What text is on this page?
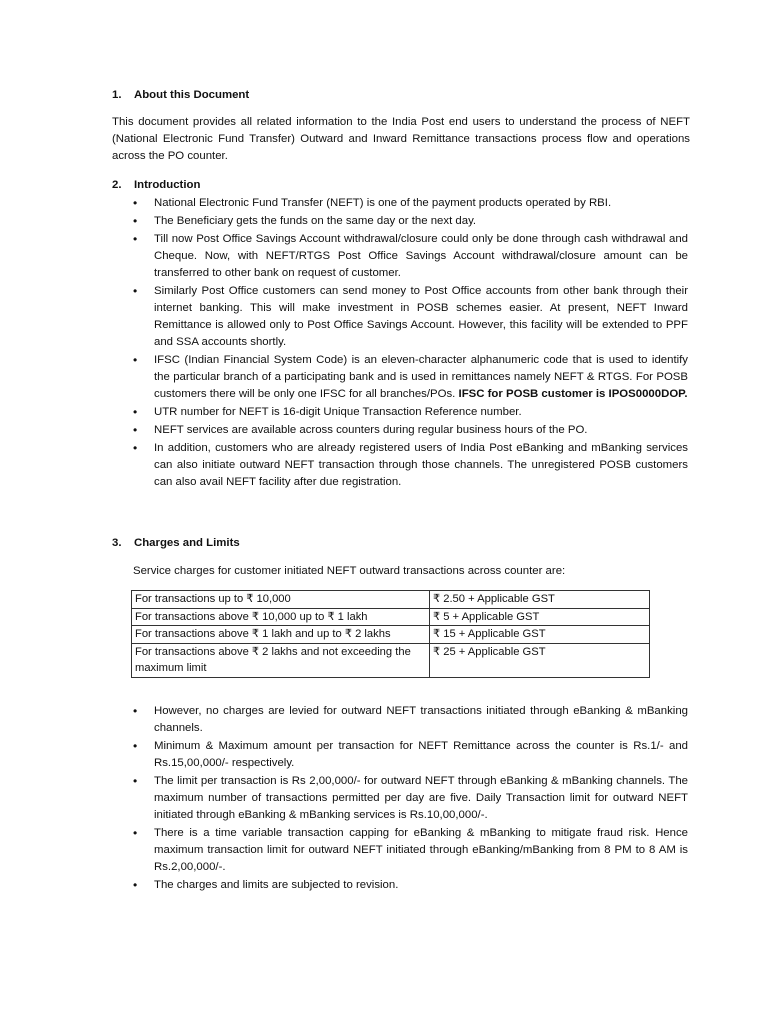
1. About this Document

This document provides all related information to the India Post end users to understand the process of NEFT (National Electronic Fund Transfer) Outward and Inward Remittance transactions process flow and operations across the PO counter.

2. Introduction
• National Electronic Fund Transfer (NEFT) is one of the payment products operated by RBI.
• The Beneficiary gets the funds on the same day or the next day.
• Till now Post Office Savings Account withdrawal/closure could only be done through cash withdrawal and Cheque. Now, with NEFT/RTGS Post Office Savings Account withdrawal/closure amount can be transferred to other bank on request of customer.
• Similarly Post Office customers can send money to Post Office accounts from other bank through their internet banking. This will make investment in POSB schemes easier. At present, NEFT Inward Remittance is allowed only to Post Office Savings Account. However, this facility will be extended to PPF and SSA accounts shortly.
• IFSC (Indian Financial System Code) is an eleven-character alphanumeric code that is used to identify the particular branch of a participating bank and is used in remittances namely NEFT & RTGS. For POSB customers there will be only one IFSC for all branches/POs. IFSC for POSB customer is IPOS0000DOP.
• UTR number for NEFT is 16-digit Unique Transaction Reference number.
• NEFT services are available across counters during regular business hours of the PO.
• In addition, customers who are already registered users of India Post eBanking and mBanking services can also initiate outward NEFT transaction through those channels. The unregistered POSB customers can also avail NEFT facility after due registration.
3. Charges and Limits

Service charges for customer initiated NEFT outward transactions across counter are:

For transactions up to ₹ 10,000	₹ 2.50 + Applicable GST
For transactions above ₹ 10,000 up to ₹ 1 lakh	₹ 5 + Applicable GST
For transactions above ₹ 1 lakh and up to ₹ 2 lakhs	₹ 15 + Applicable GST
For transactions above ₹ 2 lakhs and not exceeding the maximum limit	₹ 25 + Applicable GST
• However, no charges are levied for outward NEFT transactions initiated through eBanking & mBanking channels.
• Minimum & Maximum amount per transaction for NEFT Remittance across the counter is Rs.1/- and Rs.15,00,000/- respectively.
• The limit per transaction is Rs 2,00,000/- for outward NEFT through eBanking & mBanking channels. The maximum number of transactions permitted per day are five. Daily Transaction limit for outward NEFT initiated through eBanking & mBanking services is Rs.10,00,000/-.
• There is a time variable transaction capping for eBanking & mBanking to mitigate fraud risk. Hence maximum transaction limit for outward NEFT initiated through eBanking/mBanking from 8 PM to 8 AM is Rs.2,00,000/-.
• The charges and limits are subjected to revision.
